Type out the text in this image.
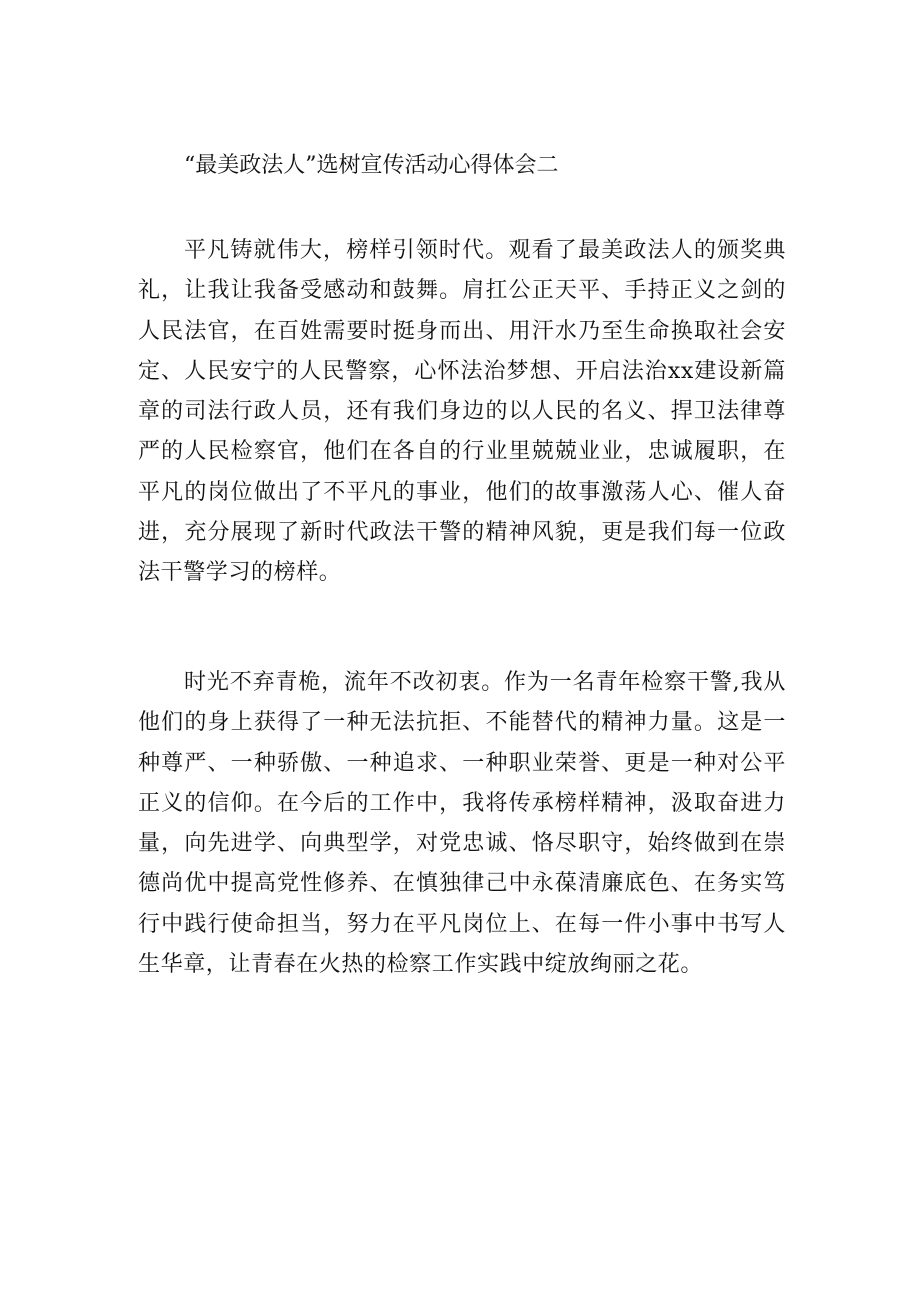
“最美政法人”选树宣传活动心得体会二

平凡铸就伟大，榜样引领时代。观看了最美政法人的颁奖典礼，让我让我备受感动和鼓舞。肩扛公正天平、手持正义之剑的人民法官，在百姓需要时挺身而出、用汗水乃至生命换取社会安定、人民安宁的人民警察，心怀法治梦想、开启法治xx建设新篇章的司法行政人员，还有我们身边的以人民的名义、捍卫法律尊严的人民检察官，他们在各自的行业里兢兢业业，忠诚履职，在平凡的岗位做出了不平凡的事业，他们的故事激荡人心、催人奋进，充分展现了新时代政法干警的精神风貌，更是我们每一位政法干警学习的榜样。

时光不弃青桅，流年不改初衷。作为一名青年检察干警,我从他们的身上获得了一种无法抗拒、不能替代的精神力量。这是一种尊严、一种骄傲、一种追求、一种职业荣誉、更是一种对公平正义的信仰。在今后的工作中，我将传承榜样精神，汲取奋进力量，向先进学、向典型学，对党忠诚、恪尽职守，始终做到在崇德尚优中提高党性修养、在慎独律己中永葆清廉底色、在务实笃行中践行使命担当，努力在平凡岗位上、在每一件小事中书写人生华章，让青春在火热的检察工作实践中绽放绚丽之花。
